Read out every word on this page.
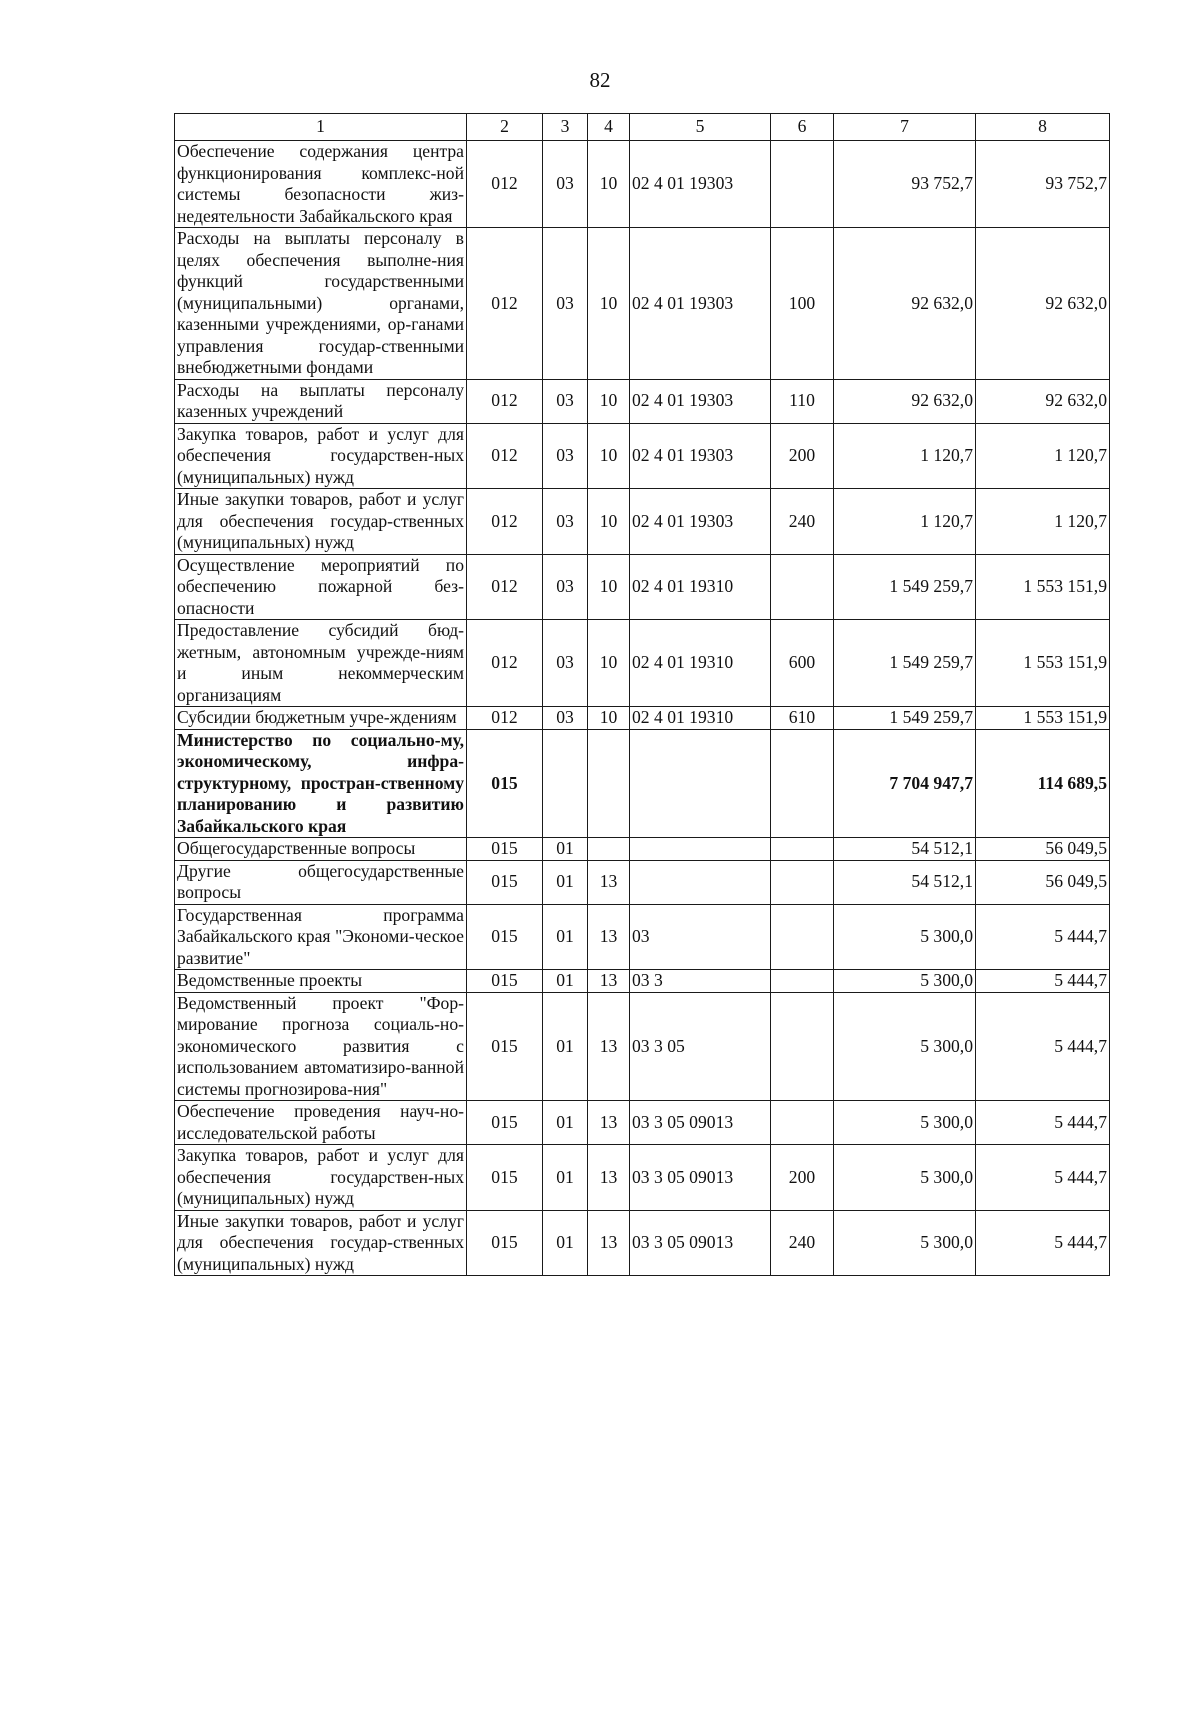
82
1	2	3	4	5	6	7	8
Обеспечение содержания центра функционирования комплекс-ной системы безопасности жиз-недеятельности Забайкальского края	012	03	10	02 4 01 19303		93 752,7	93 752,7
Расходы на выплаты персоналу в целях обеспечения выполне-ния функций государственными (муниципальными) органами, казенными учреждениями, ор-ганами управления государ-ственными внебюджетными фондами	012	03	10	02 4 01 19303	100	92 632,0	92 632,0
Расходы на выплаты персоналу казенных учреждений	012	03	10	02 4 01 19303	110	92 632,0	92 632,0
Закупка товаров, работ и услуг для обеспечения государствен-ных (муниципальных) нужд	012	03	10	02 4 01 19303	200	1 120,7	1 120,7
Иные закупки товаров, работ и услуг для обеспечения государ-ственных (муниципальных) нужд	012	03	10	02 4 01 19303	240	1 120,7	1 120,7
Осуществление мероприятий по обеспечению пожарной без-опасности	012	03	10	02 4 01 19310		1 549 259,7	1 553 151,9
Предоставление субсидий бюд-жетным, автономным учрежде-ниям и иным некоммерческим организациям	012	03	10	02 4 01 19310	600	1 549 259,7	1 553 151,9
Субсидии бюджетным учре-ждениям	012	03	10	02 4 01 19310	610	1 549 259,7	1 553 151,9
Министерство по социально-му, экономическому, инфра-структурному, простран-ственному планированию и развитию Забайкальского края	015					7 704 947,7	114 689,5
Общегосударственные вопросы	015	01				54 512,1	56 049,5
Другие общегосударственные вопросы	015	01	13			54 512,1	56 049,5
Государственная программа Забайкальского края "Экономи-ческое развитие"	015	01	13	03		5 300,0	5 444,7
Ведомственные проекты	015	01	13	03 3		5 300,0	5 444,7
Ведомственный проект "Фор-мирование прогноза социаль-но-экономического развития с использованием автоматизиро-ванной системы прогнозирова-ния"	015	01	13	03 3 05		5 300,0	5 444,7
Обеспечение проведения науч-но-исследовательской работы	015	01	13	03 3 05 09013		5 300,0	5 444,7
Закупка товаров, работ и услуг для обеспечения государствен-ных (муниципальных) нужд	015	01	13	03 3 05 09013	200	5 300,0	5 444,7
Иные закупки товаров, работ и услуг для обеспечения государ-ственных (муниципальных) нужд	015	01	13	03 3 05 09013	240	5 300,0	5 444,7
